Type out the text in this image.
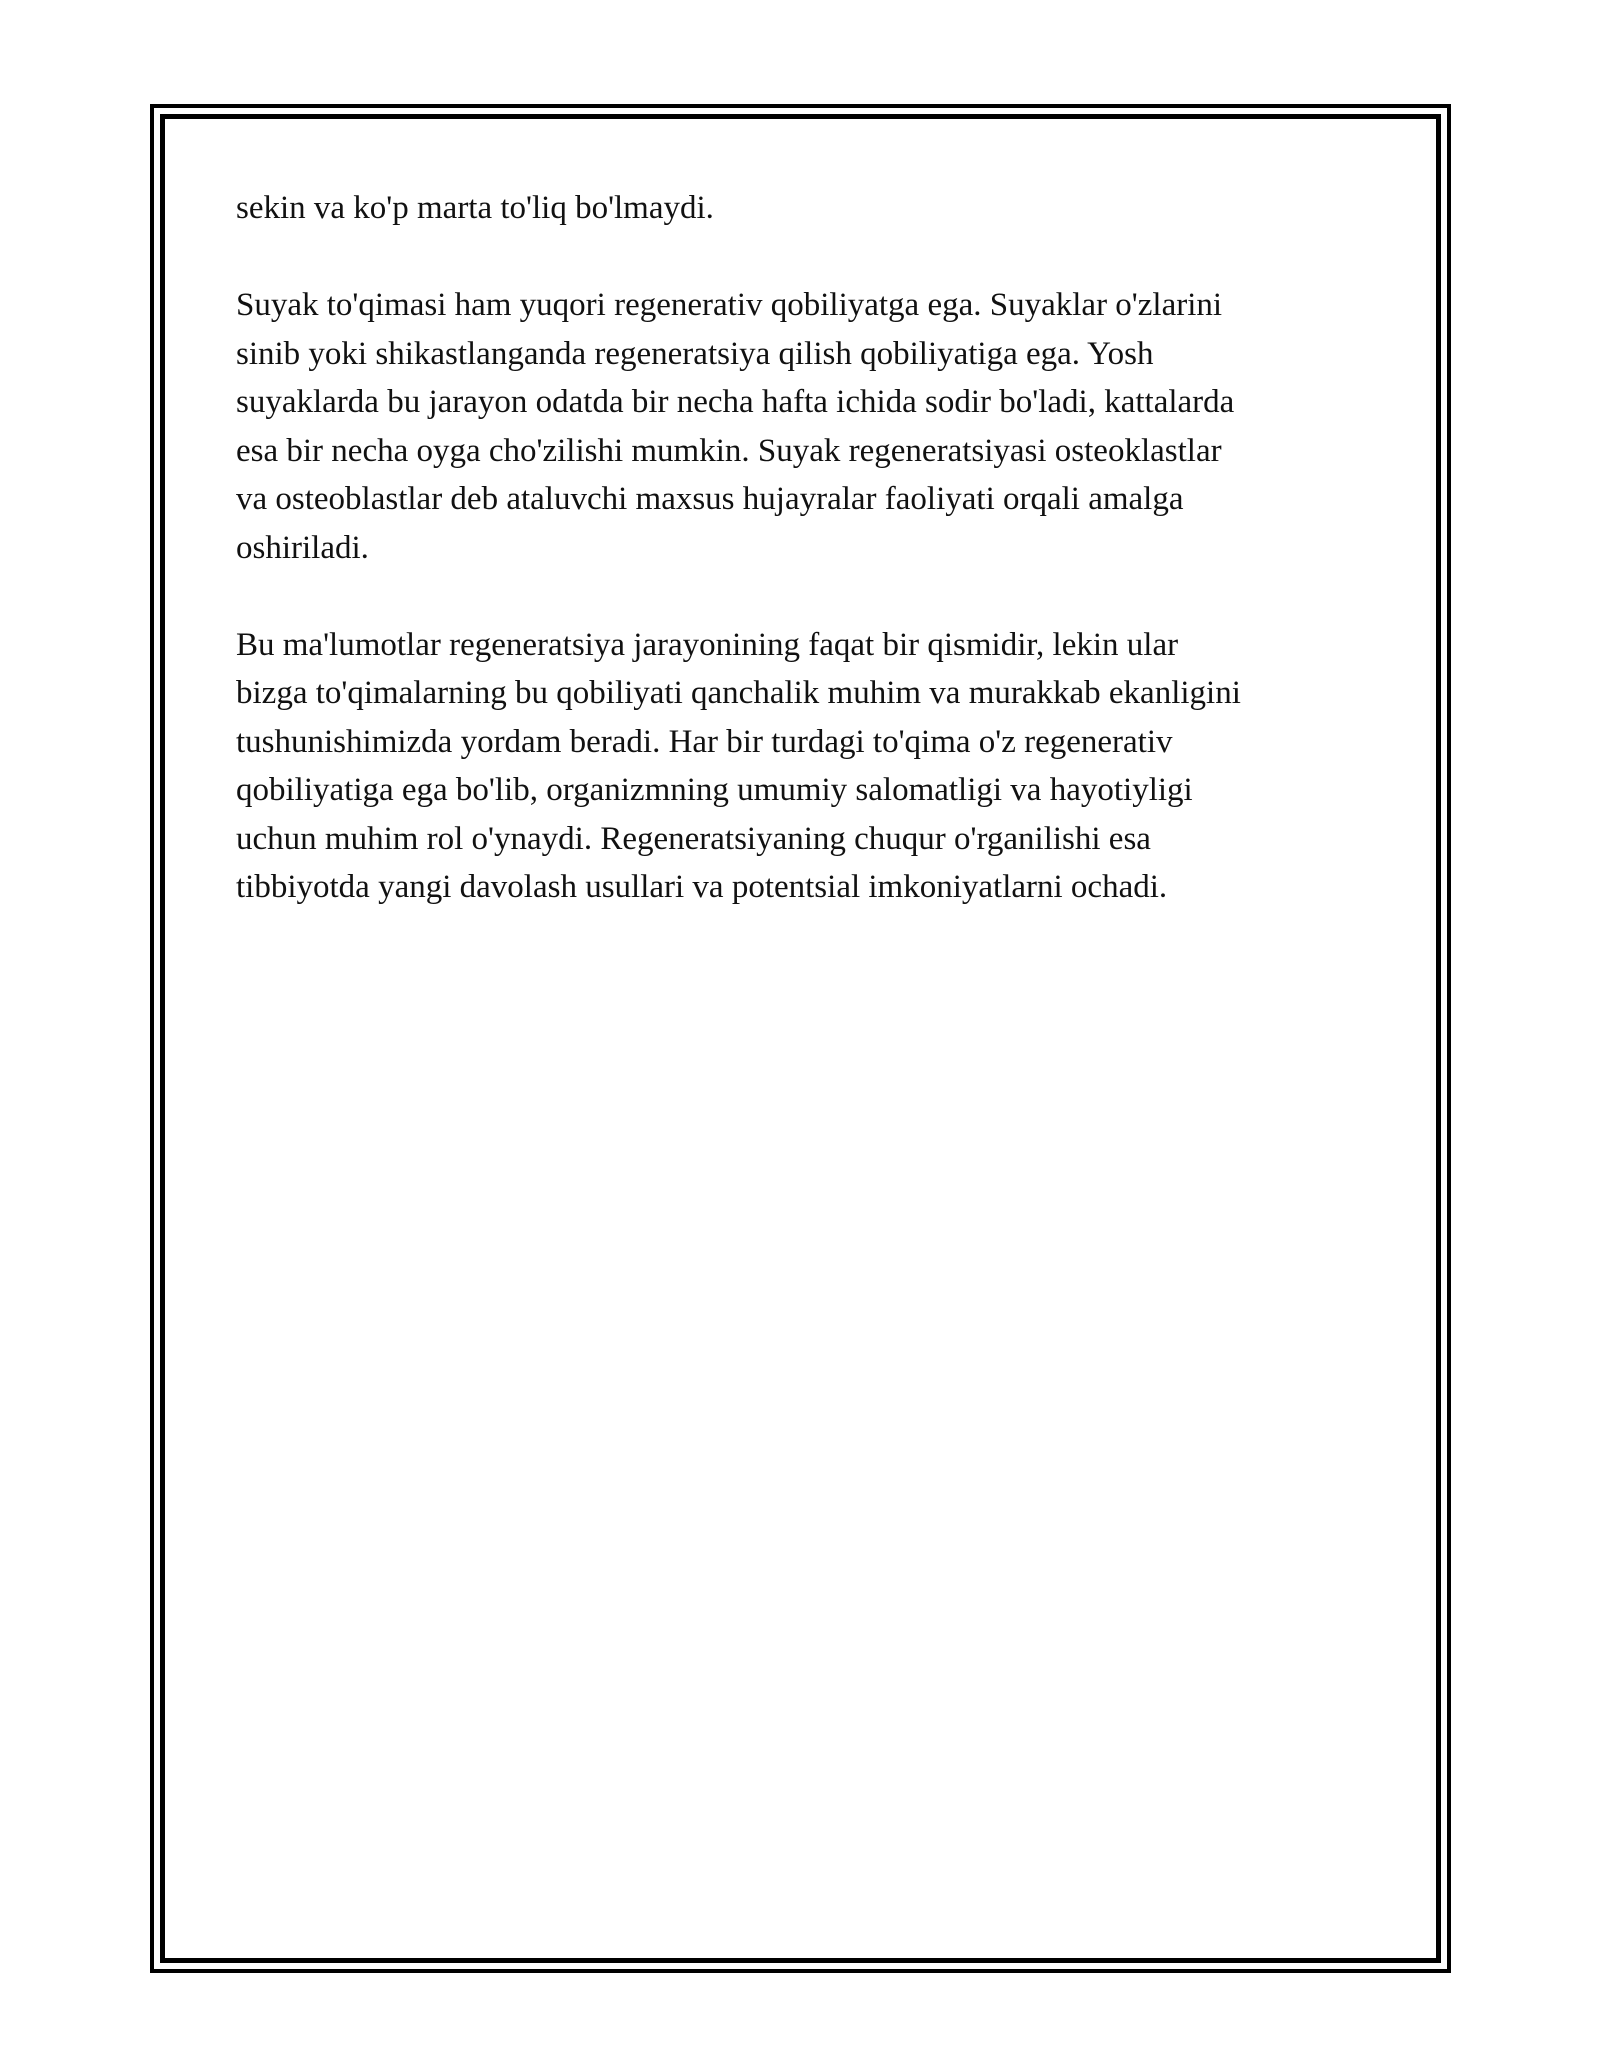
sekin va ko'p marta to'liq bo'lmaydi.

Suyak to'qimasi ham yuqori regenerativ qobiliyatga ega. Suyaklar o'zlarini
sinib yoki shikastlanganda regeneratsiya qilish qobiliyatiga ega. Yosh
suyaklarda bu jarayon odatda bir necha hafta ichida sodir bo'ladi, kattalarda
esa bir necha oyga cho'zilishi mumkin. Suyak regeneratsiyasi osteoklastlar
va osteoblastlar deb ataluvchi maxsus hujayralar faoliyati orqali amalga
oshiriladi.

Bu ma'lumotlar regeneratsiya jarayonining faqat bir qismidir, lekin ular
bizga to'qimalarning bu qobiliyati qanchalik muhim va murakkab ekanligini
tushunishimizda yordam beradi. Har bir turdagi to'qima o'z regenerativ
qobiliyatiga ega bo'lib, organizmning umumiy salomatligi va hayotiyligi
uchun muhim rol o'ynaydi. Regeneratsiyaning chuqur o'rganilishi esa
tibbiyotda yangi davolash usullari va potentsial imkoniyatlarni ochadi.
